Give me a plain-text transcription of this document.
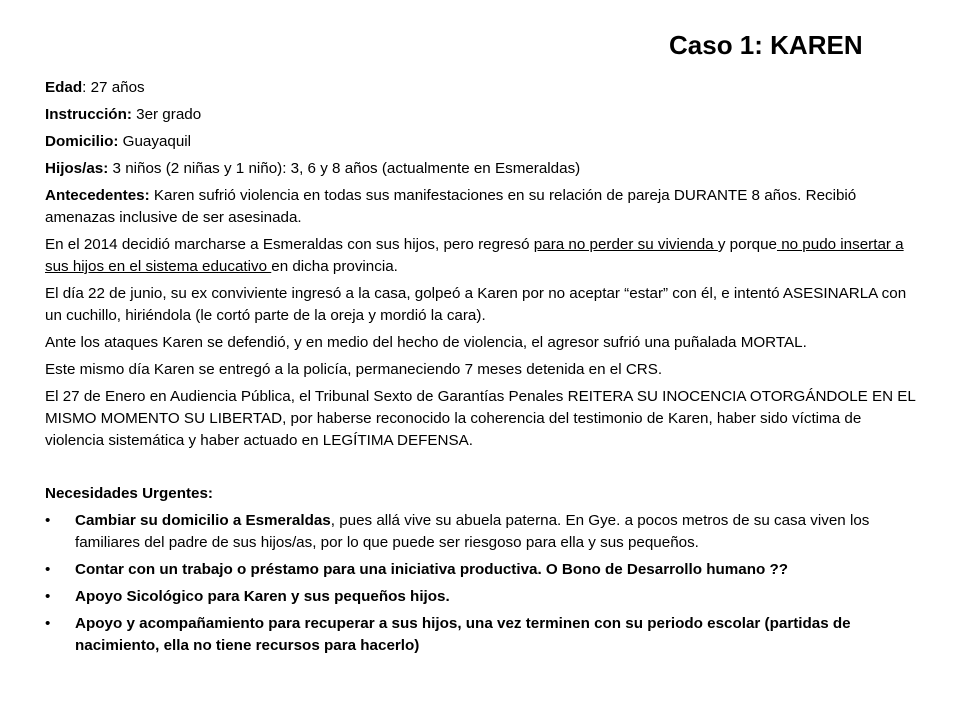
Caso 1: KAREN

Edad: 27 años

Instrucción: 3er grado

Domicilio: Guayaquil

Hijos/as: 3 niños (2 niñas y 1 niño): 3, 6 y 8 años (actualmente en Esmeraldas)

Antecedentes: Karen sufrió violencia en todas sus manifestaciones en su relación de pareja DURANTE 8 años. Recibió amenazas inclusive de ser asesinada.

En el 2014 decidió marcharse a Esmeraldas con sus hijos, pero regresó para no perder su vivienda y porque no pudo insertar a sus hijos en el sistema educativo en dicha provincia.

El día 22 de junio, su ex conviviente ingresó a la casa, golpeó a Karen por no aceptar “estar” con él, e intentó ASESINARLA con un cuchillo, hiriéndola (le cortó parte de la oreja y mordió la cara).

Ante los ataques Karen se defendió, y en medio del hecho de violencia, el agresor sufrió una puñalada MORTAL.

Este mismo día Karen se entregó a la policía, permaneciendo 7 meses detenida en el CRS.

El 27 de Enero en Audiencia Pública, el Tribunal Sexto de Garantías Penales REITERA SU INOCENCIA OTORGÁNDOLE EN EL MISMO MOMENTO SU LIBERTAD, por haberse reconocido la coherencia del testimonio de Karen, haber sido víctima de violencia sistemática y haber actuado en LEGÍTIMA DEFENSA.

Necesidades Urgentes:

• Cambiar su domicilio a Esmeraldas, pues allá vive su abuela paterna. En Gye. a pocos metros de su casa viven los familiares del padre de sus hijos/as, por lo que puede ser riesgoso para ella y sus pequeños.
• Contar con un trabajo o préstamo para una iniciativa productiva. O Bono de Desarrollo humano ??
• Apoyo Sicológico para Karen y sus pequeños hijos.
• Apoyo y acompañamiento para recuperar a sus hijos, una vez terminen con su periodo escolar (partidas de nacimiento, ella no tiene recursos para hacerlo)
